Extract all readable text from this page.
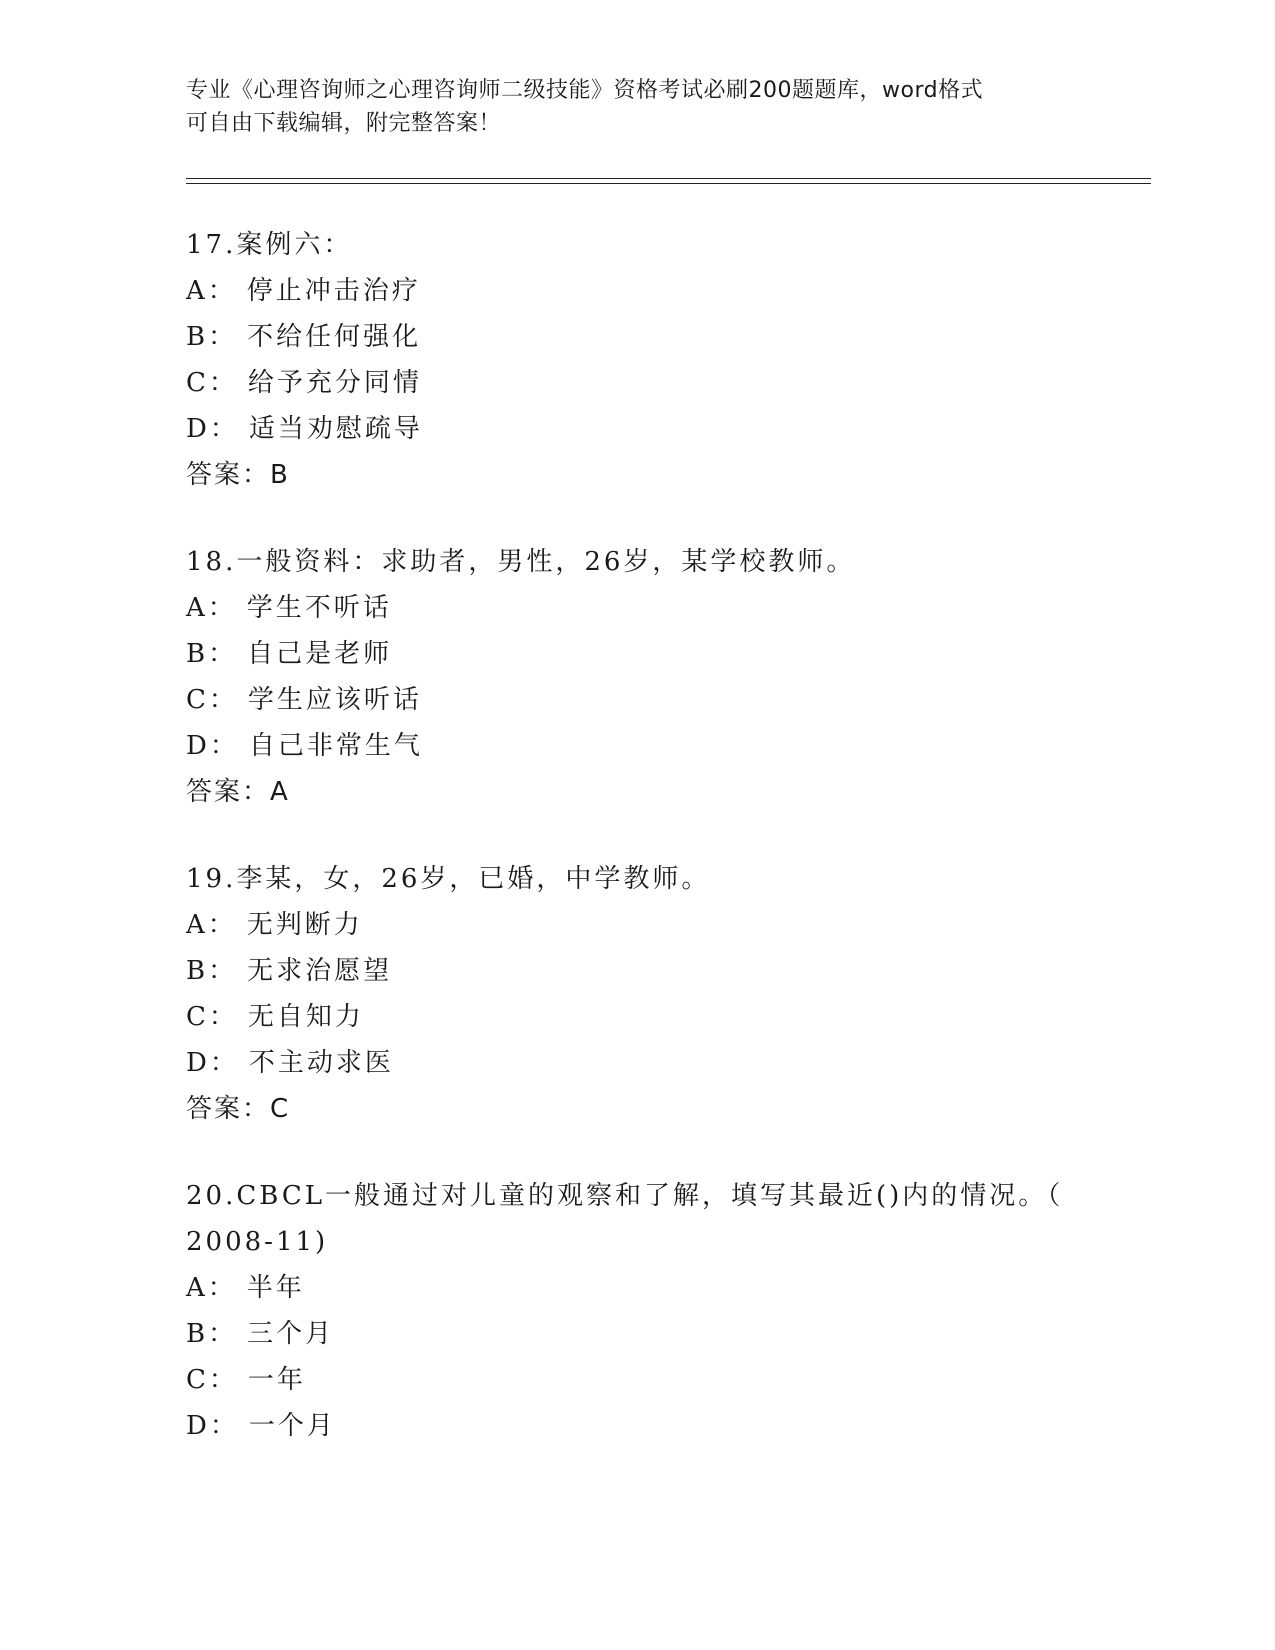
专业《心理咨询师之心理咨询师二级技能》资格考试必刷200题题库，word格式
可自由下载编辑，附完整答案！

17.案例六：

A： 停止冲击治疗

B： 不给任何强化

C： 给予充分同情

D： 适当劝慰疏导

答案：B

18.一般资料：求助者，男性，26岁，某学校教师。

A： 学生不听话

B： 自己是老师

C： 学生应该听话

D： 自己非常生气

答案：A

19.李某，女，26岁，已婚，中学教师。

A： 无判断力

B： 无求治愿望

C： 无自知力

D： 不主动求医

答案：C

20.CBCL一般通过对儿童的观察和了解，填写其最近()内的情况。（

2008-11)

A： 半年

B： 三个月

C： 一年

D： 一个月
